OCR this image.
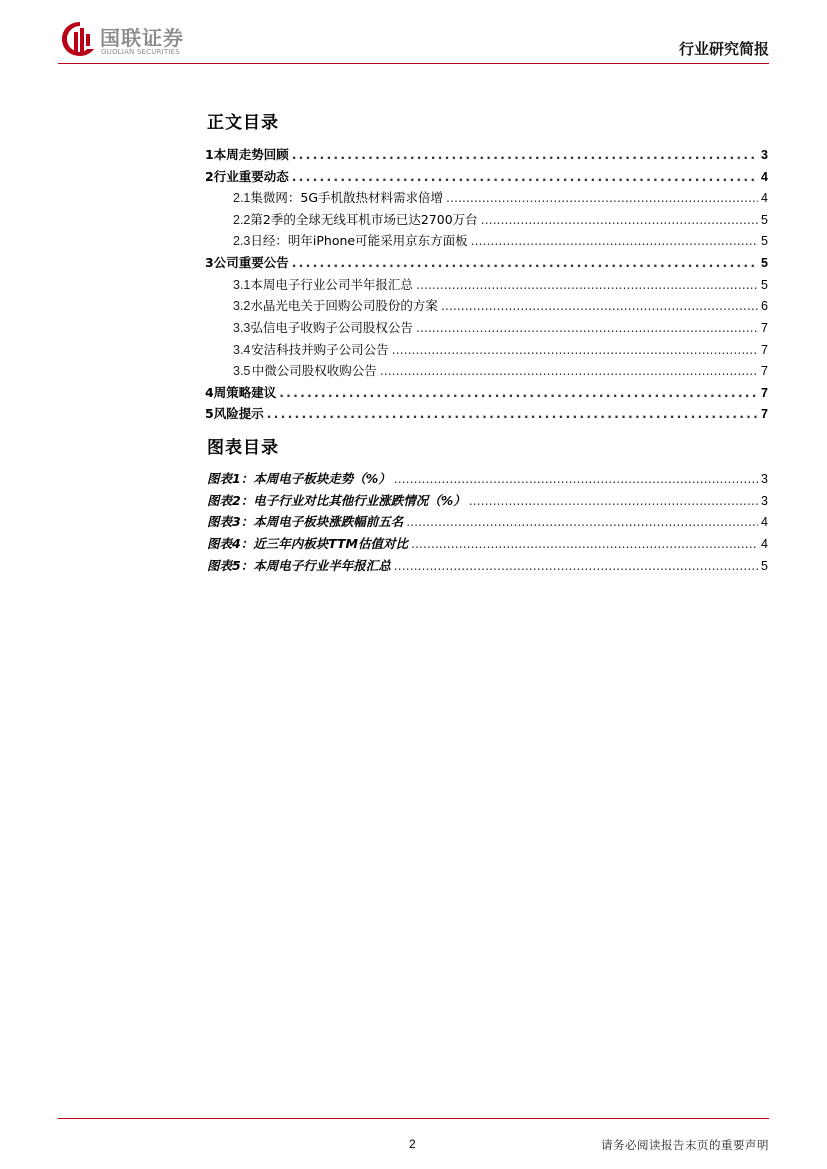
国联证券
GUOLIAN SECURITIES	行业研究简报
正文目录
1 本周走势回顾 .....	3
2 行业重要动态 .....	4
2.1 集微网：5G手机散热材料需求倍增 .....	4
2.2 第2季的全球无线耳机市场已达2700万台 .....	5
2.3 日经：明年iPhone可能采用京东方面板 .....	5
3 公司重要公告 .....	5
3.1 本周电子行业公司半年报汇总 .....	5
3.2 水晶光电关于回购公司股份的方案 .....	6
3.3 弘信电子收购子公司股权公告 .....	7
3.4 安洁科技并购子公司公告 .....	7
3.5 中微公司股权收购公告 .....	7
4 周策略建议 .....	7
5 风险提示 .....	7
图表目录
图表1：本周电子板块走势（%） .....	3
图表2：电子行业对比其他行业涨跌情况（%） .....	3
图表3：本周电子板块涨跌幅前五名 .....	4
图表4：近三年内板块TTM估值对比 .....	4
图表5：本周电子行业半年报汇总 .....	5
2	请务必阅读报告末页的重要声明
